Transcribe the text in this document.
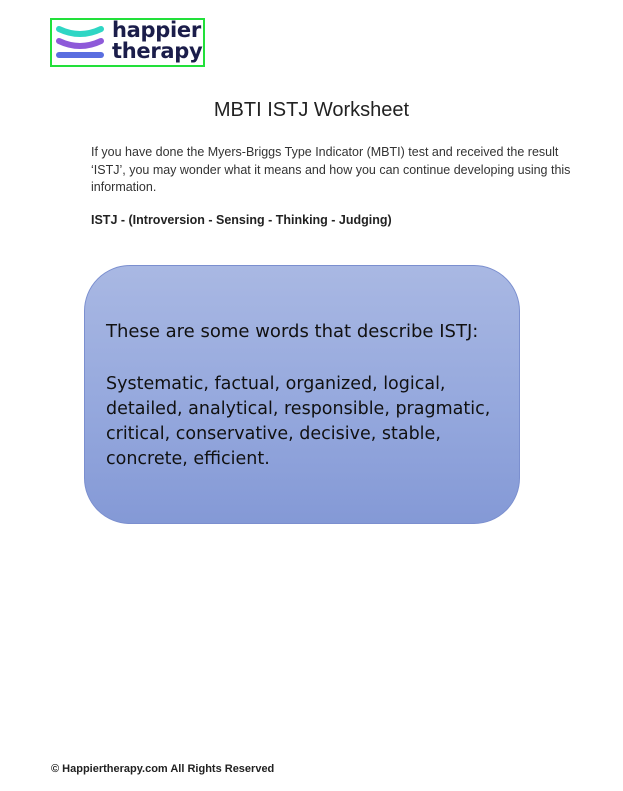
happier
therapy
MBTI ISTJ Worksheet

If you have done the Myers-Briggs Type Indicator (MBTI) test and received the result ‘ISTJ’, you may wonder what it means and how you can continue developing using this information.

ISTJ - (Introversion - Sensing - Thinking - Judging)

These are some words that describe ISTJ:

Systematic, factual, organized, logical, detailed, analytical, responsible, pragmatic, critical, conservative, decisive, stable, concrete, efficient.

© Happiertherapy.com All Rights Reserved
